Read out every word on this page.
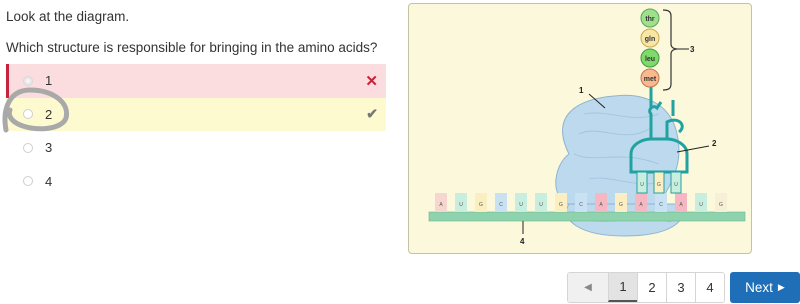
Look at the diagram.
Which structure is responsible for bringing in the amino acids?
1	✕
2	✔
3
4
A	U	G	C	U	U	G	C	A	G	A	C	A	U	G
U	G	U
thr
gln
leu
met
1
2
3
4
◀	1	2	3	4	Next ▶
